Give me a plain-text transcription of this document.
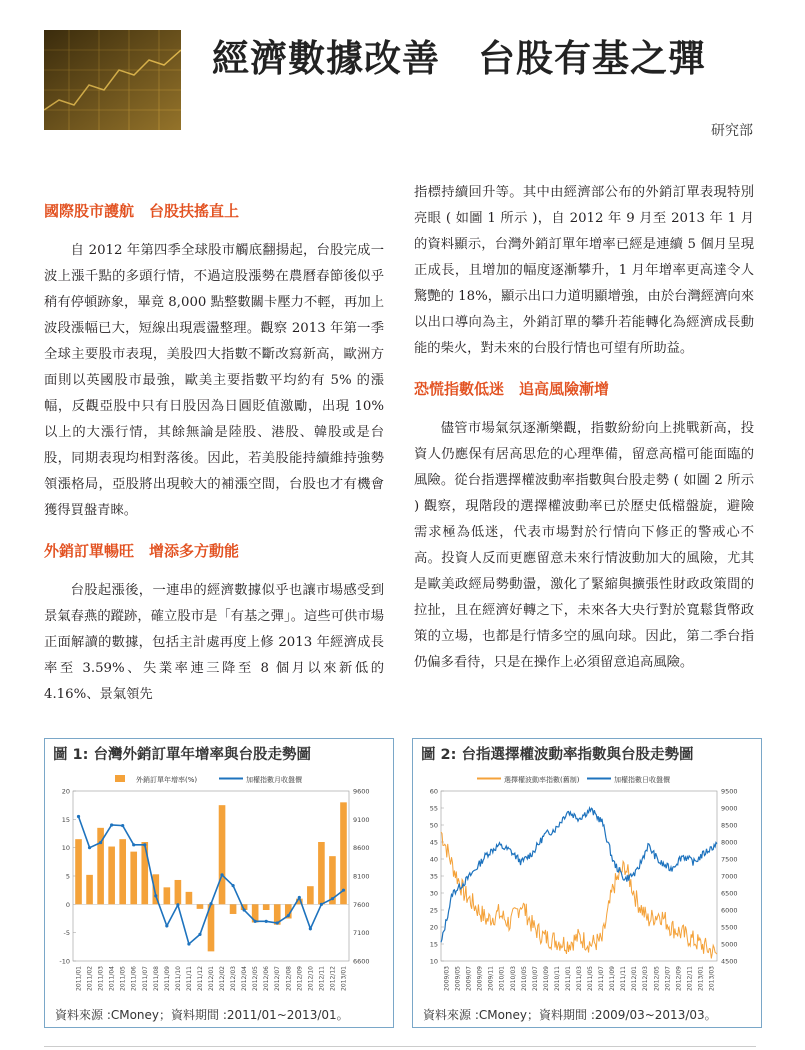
經濟數據改善　台股有基之彈
研究部
國際股市護航　台股扶搖直上

自 2012 年第四季全球股市觸底翻揚起，台股完成一波上漲千點的多頭行情，不過這股漲勢在農曆春節後似乎稍有停頓跡象，畢竟 8,000 點整數關卡壓力不輕，再加上波段漲幅已大，短線出現震盪整理。觀察 2013 年第一季全球主要股市表現，美股四大指數不斷改寫新高，歐洲方面則以英國股市最強，歐美主要指數平均約有 5% 的漲幅，反觀亞股中只有日股因為日圓貶值激勵，出現 10% 以上的大漲行情，其餘無論是陸股、港股、韓股或是台股，同期表現均相對落後。因此，若美股能持續維持強勢領漲格局，亞股將出現較大的補漲空間，台股也才有機會獲得買盤青睞。

外銷訂單暢旺　增添多方動能

台股起漲後，一連串的經濟數據似乎也讓市場感受到景氣春燕的蹤跡，確立股市是「有基之彈」。這些可供市場正面解讀的數據，包括主計處再度上修 2013 年經濟成長率至 3.59%、失業率連三降至 8 個月以來新低的 4.16%、景氣領先

指標持續回升等。其中由經濟部公布的外銷訂單表現特別亮眼 ( 如圖 1 所示 )，自 2012 年 9 月至 2013 年 1 月的資料顯示，台灣外銷訂單年增率已經是連續 5 個月呈現正成長，且增加的幅度逐漸攀升，1 月年增率更高達令人驚艷的 18%，顯示出口力道明顯增強，由於台灣經濟向來以出口導向為主，外銷訂單的攀升若能轉化為經濟成長動能的柴火，對未來的台股行情也可望有所助益。

恐慌指數低迷　追高風險漸增

儘管市場氣氛逐漸樂觀，指數紛紛向上挑戰新高，投資人仍應保有居高思危的心理準備，留意高檔可能面臨的風險。從台指選擇權波動率指數與台股走勢 ( 如圖 2 所示 ) 觀察，現階段的選擇權波動率已於歷史低檔盤旋，避險需求極為低迷，代表市場對於行情向下修正的警戒心不高。投資人反而更應留意未來行情波動加大的風險，尤其是歐美政經局勢動盪，激化了緊縮與擴張性財政政策間的拉扯，且在經濟好轉之下，未來各大央行對於寬鬆貨幣政策的立場，也都是行情多空的風向球。因此，第二季台指仍偏多看待，只是在操作上必須留意追高風險。

外銷訂單年增率(%)	加權指數月收盤價
20
15
10
5
0
-5
-10
9600
9100
8600
8100
7600
7100
6600
2011/01 2011/02 2011/03 2011/04 2011/05 2011/06 2011/07 2011/08 2011/09 2011/10 2011/11 2011/12 2012/01 2012/02 2012/03 2012/04 2012/05 2012/06 2012/07 2012/08 2012/09 2012/10 2012/11 2012/12 2013/01
圖 1: 台灣外銷訂單年增率與台股走勢圖
資料來源 :CMoney；資料期間 :2011/01~2013/01。
選擇權波動率指數(舊制)	加權指數日收盤價
60
55
50
45
40
35
30
25
20
15
10
9500
9000
8500
8000
7500
7000
6500
6000
5500
5000
4500
2009/03 2009/05 2009/07 2009/09 2009/11 2010/01 2010/03 2010/05 2010/07 2010/09 2010/11 2011/01 2011/03 2011/05 2011/07 2011/09 2011/11 2012/01 2012/03 2012/05 2012/07 2012/09 2012/11 2013/01 2013/03
圖 2: 台指選擇權波動率指數與台股走勢圖
資料來源 :CMoney；資料期間 :2009/03~2013/03。
